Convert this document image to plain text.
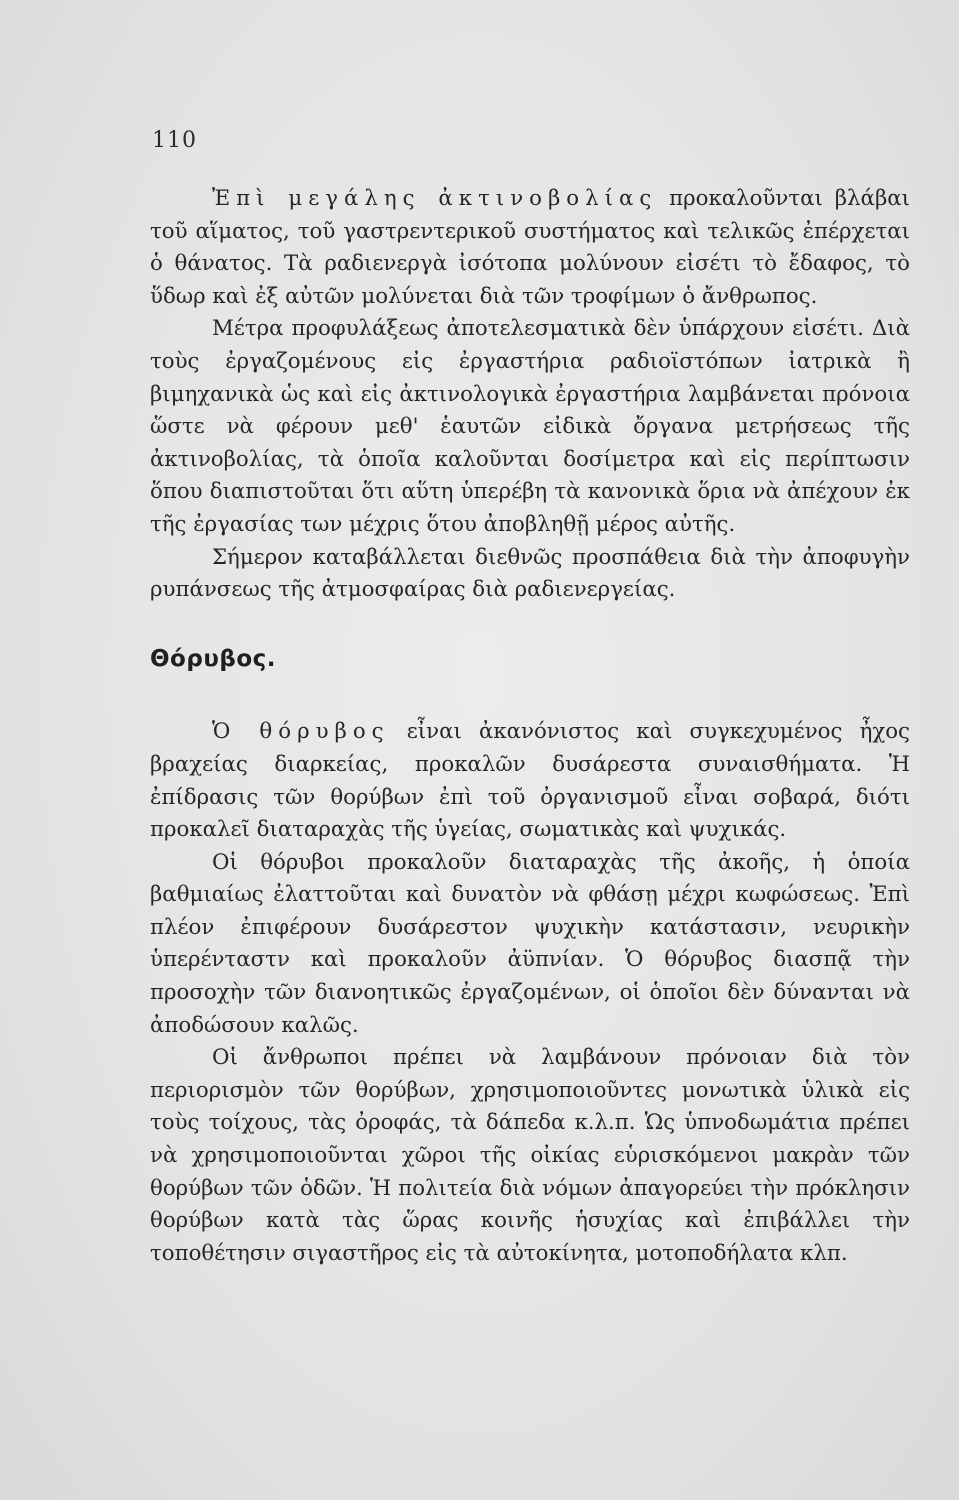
110

Ἐπὶ μεγάλης ἀκτινοβολίας προκαλοῦνται βλάβαι τοῦ αἵματος, τοῦ γαστρεντερικοῦ συστήματος καὶ τελικῶς ἐπέρχεται ὁ θάνατος. Τὰ ραδιενεργὰ ἰσότοπα μολύνουν εἰσέτι τὸ ἔδαφος, τὸ ὕδωρ καὶ ἐξ αὐτῶν μολύνεται διὰ τῶν τροφίμων ὁ ἄνθρωπος.

Μέτρα προφυλάξεως ἀποτελεσματικὰ δὲν ὑπάρχουν εἰσέτι. Διὰ τοὺς ἐργαζομένους εἰς ἐργαστήρια ραδιοϊστόπων ἰατρικὰ ἢ βιμηχανικὰ ὡς καὶ εἰς ἀκτινολογικὰ ἐργαστήρια λαμβάνεται πρόνοια ὥστε νὰ φέρουν μεθ' ἑαυτῶν εἰδικὰ ὄργανα μετρήσεως τῆς ἀκτινοβολίας, τὰ ὁποῖα καλοῦνται δοσίμετρα καὶ εἰς περίπτωσιν ὅπου διαπιστοῦται ὅτι αὕτη ὑπερέβη τὰ κανονικὰ ὅρια νὰ ἀπέχουν ἐκ τῆς ἐργασίας των μέχρις ὅτου ἀποβληθῇ μέρος αὐτῆς.

Σήμερον καταβάλλεται διεθνῶς προσπάθεια διὰ τὴν ἀποφυγὴν ρυπάνσεως τῆς ἀτμοσφαίρας διὰ ραδιενεργείας.

Θόρυβος.

Ὁ θόρυβος εἶναι ἀκανόνιστος καὶ συγκεχυμένος ἦχος βραχείας διαρκείας, προκαλῶν δυσάρεστα συναισθήματα. Ἡ ἐπίδρασις τῶν θορύβων ἐπὶ τοῦ ὀργανισμοῦ εἶναι σοβαρά, διότι προκαλεῖ διαταραχὰς τῆς ὑγείας, σωματικὰς καὶ ψυχικάς.

Οἱ θόρυβοι προκαλοῦν διαταραχὰς τῆς ἀκοῆς, ἡ ὁποία βαθμιαίως ἐλαττοῦται καὶ δυνατὸν νὰ φθάσῃ μέχρι κωφώσεως. Ἐπὶ πλέον ἐπιφέρουν δυσάρεστον ψυχικὴν κατάστασιν, νευρικὴν ὑπερένταστν καὶ προκαλοῦν ἀϋπνίαν. Ὁ θόρυβος διασπᾷ τὴν προσοχὴν τῶν διανοητικῶς ἐργαζομένων, οἱ ὁποῖοι δὲν δύνανται νὰ ἀποδώσουν καλῶς.

Οἱ ἄνθρωποι πρέπει νὰ λαμβάνουν πρόνοιαν διὰ τὸν περιορισμὸν τῶν θορύβων, χρησιμοποιοῦντες μονωτικὰ ὑλικὰ εἰς τοὺς τοίχους, τὰς ὀροφάς, τὰ δάπεδα κ.λ.π. Ὡς ὑπνοδωμάτια πρέπει νὰ χρησιμοποιοῦνται χῶροι τῆς οἰκίας εὑρισκόμενοι μακρὰν τῶν θορύβων τῶν ὁδῶν. Ἡ πολιτεία διὰ νόμων ἀπαγορεύει τὴν πρόκλησιν θορύβων κατὰ τὰς ὥρας κοινῆς ἡσυχίας καὶ ἐπιβάλλει τὴν τοποθέτησιν σιγαστῆρος εἰς τὰ αὐτοκίνητα, μοτοποδήλατα κλπ.
